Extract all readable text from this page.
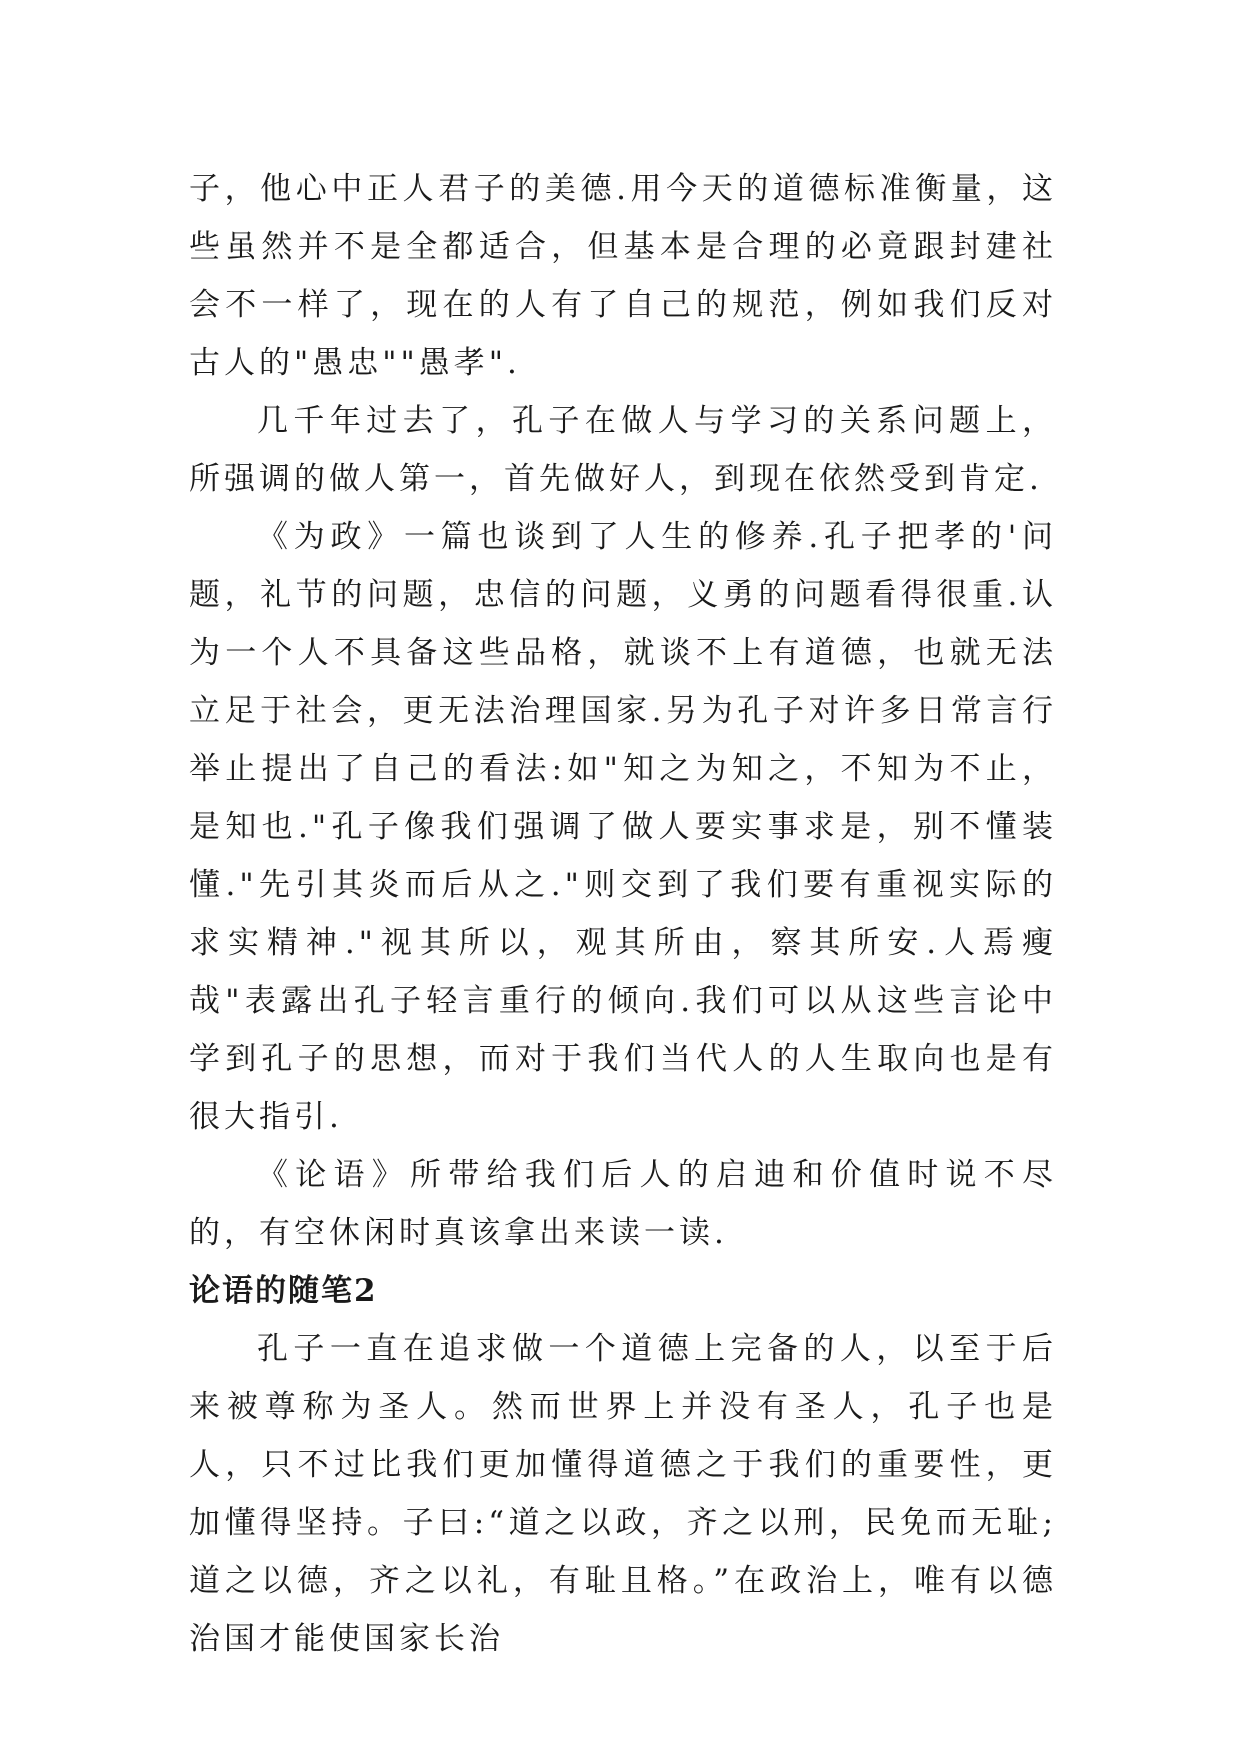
子，他心中正人君子的美德.用今天的道德标准衡量，这些虽然并不是全都适合，但基本是合理的必竟跟封建社会不一样了，现在的人有了自己的规范，例如我们反对古人的"愚忠""愚孝".

几千年过去了，孔子在做人与学习的关系问题上，所强调的做人第一，首先做好人，到现在依然受到肯定.

《为政》一篇也谈到了人生的修养.孔子把孝的'问题，礼节的问题，忠信的问题，义勇的问题看得很重.认为一个人不具备这些品格，就谈不上有道德，也就无法立足于社会，更无法治理国家.另为孔子对许多日常言行举止提出了自己的看法:如"知之为知之，不知为不止，是知也."孔子像我们强调了做人要实事求是，别不懂装懂."先引其炎而后从之."则交到了我们要有重视实际的求实精神."视其所以，观其所由，察其所安.人焉瘦哉"表露出孔子轻言重行的倾向.我们可以从这些言论中学到孔子的思想，而对于我们当代人的人生取向也是有很大指引.

《论语》所带给我们后人的启迪和价值时说不尽的，有空休闲时真该拿出来读一读.

论语的随笔2

孔子一直在追求做一个道德上完备的人，以至于后来被尊称为圣人。然而世界上并没有圣人，孔子也是人，只不过比我们更加懂得道德之于我们的重要性，更加懂得坚持。子曰:“道之以政，齐之以刑，民免而无耻;道之以德，齐之以礼，有耻且格。”在政治上，唯有以德治国才能使国家长治
